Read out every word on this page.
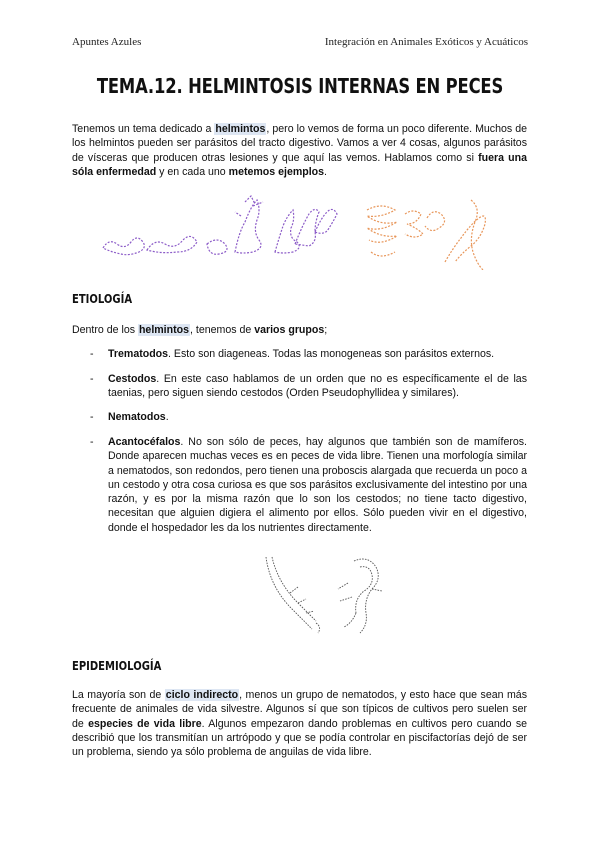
Apuntes Azules	Integración en Animales Exóticos y Acuáticos
TEMA.12. HELMINTOSIS INTERNAS EN PECES
Tenemos un tema dedicado a helmintos, pero lo vemos de forma un poco diferente. Muchos de los helmintos pueden ser parásitos del tracto digestivo. Vamos a ver 4 cosas, algunos parásitos de vísceras que producen otras lesiones y que aquí las vemos. Hablamos como si fuera una sóla enfermedad y en cada uno metemos ejemplos.
ETIOLOGÍA
Dentro de los helmintos, tenemos de varios grupos;
- Trematodos. Esto son diageneas. Todas las monogeneas son parásitos externos.
- Cestodos. En este caso hablamos de un orden que no es específicamente el de las taenias, pero siguen siendo cestodos (Orden Pseudophyllidea y similares).
- Nematodos.
- Acantocéfalos. No son sólo de peces, hay algunos que también son de mamíferos. Donde aparecen muchas veces es en peces de vida libre. Tienen una morfología similar a nematodos, son redondos, pero tienen una proboscis alargada que recuerda un poco a un cestodo y otra cosa curiosa es que sos parásitos exclusivamente del intestino por una razón, y es por la misma razón que lo son los cestodos; no tiene tacto digestivo, necesitan que alguien digiera el alimento por ellos. Sólo pueden vivir en el digestivo, donde el hospedador les da los nutrientes directamente.
EPIDEMIOLOGÍA
La mayoría son de ciclo indirecto, menos un grupo de nematodos, y esto hace que sean más frecuente de animales de vida silvestre. Algunos sí que son típicos de cultivos pero suelen ser de especies de vida libre. Algunos empezaron dando problemas en cultivos pero cuando se describió que los transmitían un artrópodo y que se podía controlar en piscifactorías dejó de ser un problema, siendo ya sólo problema de anguilas de vida libre.
